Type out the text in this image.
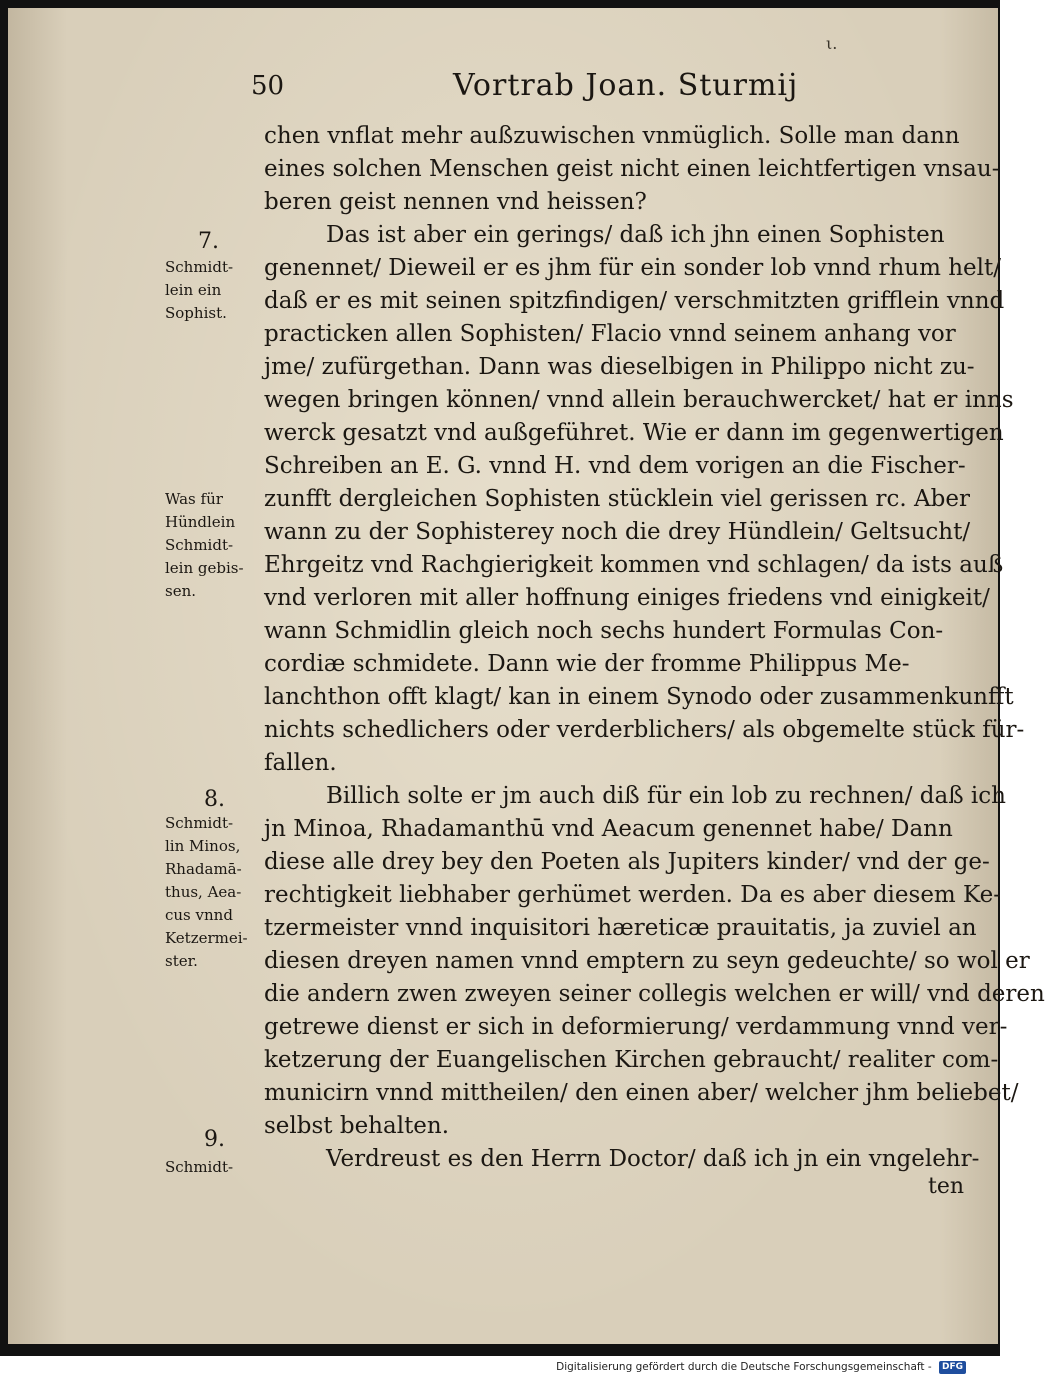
ι.
50	Vortrab Joan. Sturmij
chen vnflat mehr außzuwischen vnmüglich. Solle man dann
eines solchen Menschen geist nicht einen leichtfertigen vnsau-
beren geist nennen vnd heissen?
Das ist aber ein gerings/ daß ich jhn einen Sophisten
genennet/ Dieweil er es jhm für ein sonder lob vnnd rhum helt/
daß er es mit seinen spitzfindigen/ verschmitzten grifflein vnnd
practicken allen Sophisten/ Flacio vnnd seinem anhang vor
jme/ zufürgethan. Dann was dieselbigen in Philippo nicht zu-
wegen bringen können/ vnnd allein berauchwercket/ hat er inns
werck gesatzt vnd außgeführet. Wie er dann im gegenwertigen
Schreiben an E. G. vnnd H. vnd dem vorigen an die Fischer-
zunfft dergleichen Sophisten stücklein viel gerissen rc. Aber
wann zu der Sophisterey noch die drey Hündlein/ Geltsucht/
Ehrgeitz vnd Rachgierigkeit kommen vnd schlagen/ da ists auß
vnd verloren mit aller hoffnung einiges friedens vnd einigkeit/
wann Schmidlin gleich noch sechs hundert Formulas Con-
cordiæ schmidete. Dann wie der fromme Philippus Me-
lanchthon offt klagt/ kan in einem Synodo oder zusammenkunfft
nichts schedlichers oder verderblichers/ als obgemelte stück für-
fallen.
Billich solte er jm auch diß für ein lob zu rechnen/ daß ich
jn Minoa, Rhadamanthū vnd Aeacum genennet habe/ Dann
diese alle drey bey den Poeten als Jupiters kinder/ vnd der ge-
rechtigkeit liebhaber gerhümet werden. Da es aber diesem Ke-
tzermeister vnnd inquisitori hæreticæ prauitatis, ja zuviel an
diesen dreyen namen vnnd emptern zu seyn gedeuchte/ so wol er
die andern zwen zweyen seiner collegis welchen er will/ vnd deren
getrewe dienst er sich in deformierung/ verdammung vnnd ver-
ketzerung der Euangelischen Kirchen gebraucht/ realiter com-
municirn vnnd mittheilen/ den einen aber/ welcher jhm beliebet/
selbst behalten.
Verdreust es den Herrn Doctor/ daß ich jn ein vngelehr-
ten
7.
8.
9.
Schmidt-
lein ein
Sophist.
Was für
Hündlein
Schmidt-
lein gebis-
sen.
Schmidt-
lin Minos,
Rhadamā-
thus, Aea-
cus vnnd
Ketzermei-
ster.
Schmidt-
Digitalisierung gefördert durch die Deutsche Forschungsgemeinschaft - DFG
